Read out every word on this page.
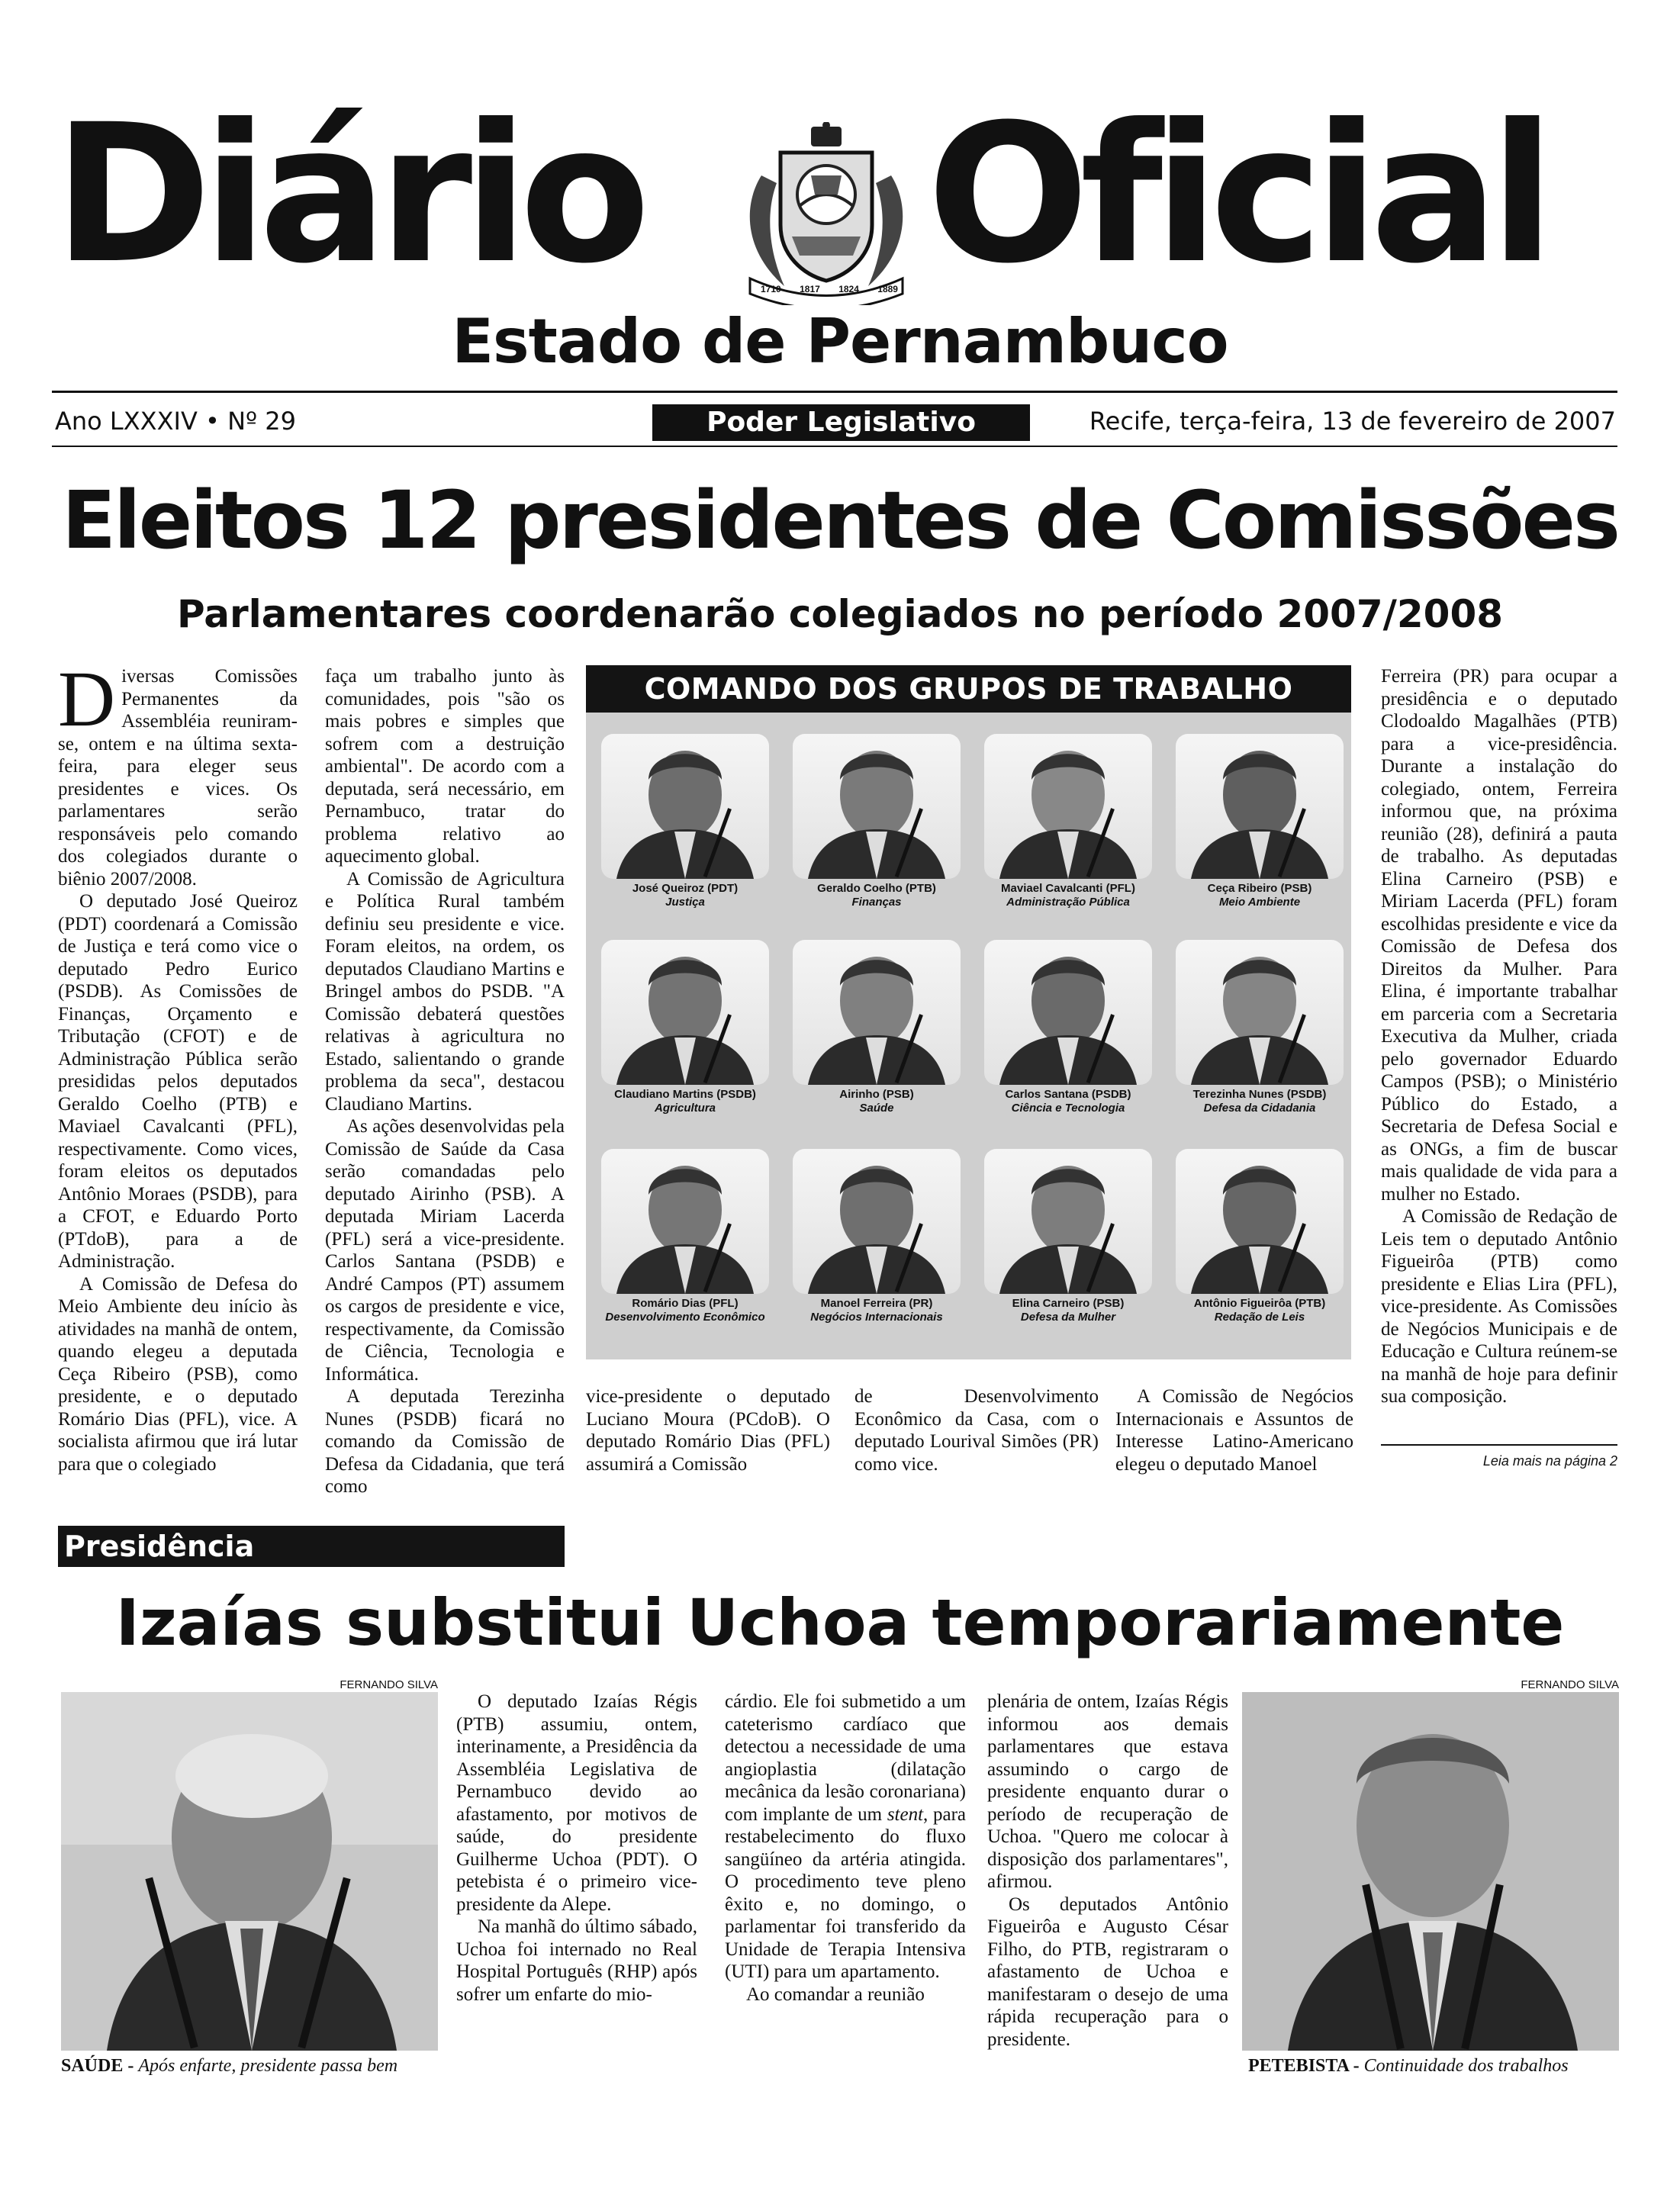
Diário	1710 1817 1824 1889 Oficial
Estado de Pernambuco
Ano LXXXIV • Nº 29	Poder Legislativo	Recife, terça-feira, 13 de fevereiro de 2007
Eleitos 12 presidentes de Comissões
Parlamentares coordenarão colegiados no período 2007/2008

Diversas Comissões Permanentes da Assembléia reuniram-se, ontem e na última sexta-feira, para eleger seus presidentes e vices. Os parlamentares serão responsáveis pelo comando dos colegiados durante o biênio 2007/2008.

O deputado José Queiroz (PDT) coordenará a Comissão de Justiça e terá como vice o deputado Pedro Eurico (PSDB). As Comissões de Finanças, Orçamento e Tributação (CFOT) e de Administração Pública serão presididas pelos deputados Geraldo Coelho (PTB) e Maviael Cavalcanti (PFL), respectivamente. Como vices, foram eleitos os deputados Antônio Moraes (PSDB), para a CFOT, e Eduardo Porto (PTdoB), para a de Administração.

A Comissão de Defesa do Meio Ambiente deu início às atividades na manhã de ontem, quando elegeu a deputada Ceça Ribeiro (PSB), como presidente, e o deputado Romário Dias (PFL), vice. A socialista afirmou que irá lutar para que o colegiado

faça um trabalho junto às comunidades, pois "são os mais pobres e simples que sofrem com a destruição ambiental". De acordo com a deputada, será necessário, em Pernambuco, tratar do problema relativo ao aquecimento global.

A Comissão de Agricultura e Política Rural também definiu seu presidente e vice. Foram eleitos, na ordem, os deputados Claudiano Martins e Bringel ambos do PSDB. "A Comissão debaterá questões relativas à agricultura no Estado, salientando o grande problema da seca", destacou Claudiano Martins.

As ações desenvolvidas pela Comissão de Saúde da Casa serão comandadas pelo deputado Airinho (PSB). A deputada Miriam Lacerda (PFL) será a vice-presidente. Carlos Santana (PSDB) e André Campos (PT) assumem os cargos de presidente e vice, respectivamente, da Comissão de Ciência, Tecnologia e Informática.

A deputada Terezinha Nunes (PSDB) ficará no comando da Comissão de Defesa da Cidadania, que terá como

COMANDO DOS GRUPOS DE TRABALHO
José Queiroz (PDT)
Justiça
Geraldo Coelho (PTB)
Finanças
Maviael Cavalcanti (PFL)
Administração Pública
Ceça Ribeiro (PSB)
Meio Ambiente
Claudiano Martins (PSDB)
Agricultura
Airinho (PSB)
Saúde
Carlos Santana (PSDB)
Ciência e Tecnologia
Terezinha Nunes (PSDB)
Defesa da Cidadania
Romário Dias (PFL)
Desenvolvimento Econômico
Manoel Ferreira (PR)
Negócios Internacionais
Elina Carneiro (PSB)
Defesa da Mulher
Antônio Figueirôa (PTB)
Redação de Leis

vice-presidente o deputado Luciano Moura (PCdoB). O deputado Romário Dias (PFL) assumirá a Comissão

de Desenvolvimento Econômico da Casa, com o deputado Lourival Simões (PR) como vice.

A Comissão de Negócios Internacionais e Assuntos de Interesse Latino-Americano elegeu o deputado Manoel

Ferreira (PR) para ocupar a presidência e o deputado Clodoaldo Magalhães (PTB) para a vice-presidência. Durante a instalação do colegiado, ontem, Ferreira informou que, na próxima reunião (28), definirá a pauta de trabalho. As deputadas Elina Carneiro (PSB) e Miriam Lacerda (PFL) foram escolhidas presidente e vice da Comissão de Defesa dos Direitos da Mulher. Para Elina, é importante trabalhar em parceria com a Secretaria Executiva da Mulher, criada pelo governador Eduardo Campos (PSB); o Ministério Público do Estado, a Secretaria de Defesa Social e as ONGs, a fim de buscar mais qualidade de vida para a mulher no Estado.

A Comissão de Redação de Leis tem o deputado Antônio Figueirôa (PTB) como presidente e Elias Lira (PFL), vice-presidente. As Comissões de Negócios Municipais e de Educação e Cultura reúnem-se na manhã de hoje para definir sua composição.

Leia mais na página 2
Presidência
Izaías substitui Uchoa temporariamente
FERNANDO SILVA
SAÚDE - Após enfarte, presidente passa bem

O deputado Izaías Régis (PTB) assumiu, ontem, interinamente, a Presidência da Assembléia Legislativa de Pernambuco devido ao afastamento, por motivos de saúde, do presidente Guilherme Uchoa (PDT). O petebista é o primeiro vice-presidente da Alepe.

Na manhã do último sábado, Uchoa foi internado no Real Hospital Português (RHP) após sofrer um enfarte do mio-

cárdio. Ele foi submetido a um cateterismo cardíaco que detectou a necessidade de uma angioplastia (dilatação mecânica da lesão coronariana) com implante de um stent, para restabelecimento do fluxo sangüíneo da artéria atingida. O procedimento teve pleno êxito e, no domingo, o parlamentar foi transferido da Unidade de Terapia Intensiva (UTI) para um apartamento.

Ao comandar a reunião

plenária de ontem, Izaías Régis informou aos demais parlamentares que estava assumindo o cargo de presidente enquanto durar o período de recuperação de Uchoa. "Quero me colocar à disposição dos parlamentares", afirmou.

Os deputados Antônio Figueirôa e Augusto César Filho, do PTB, registraram o afastamento de Uchoa e manifestaram o desejo de uma rápida recuperação para o presidente.

FERNANDO SILVA
PETEBISTA - Continuidade dos trabalhos
